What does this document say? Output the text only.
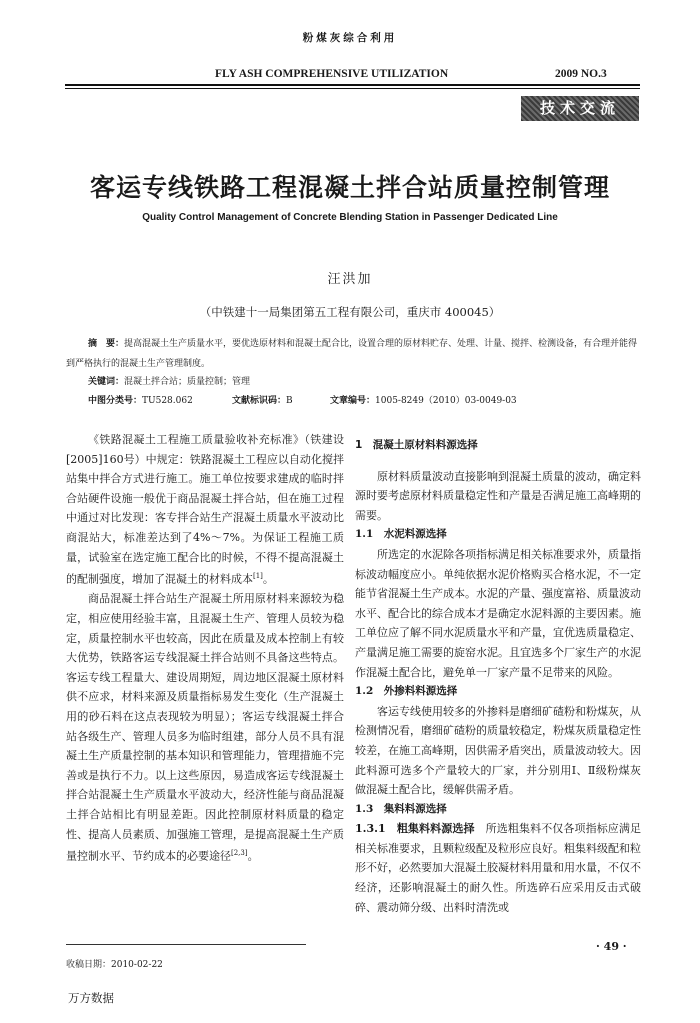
粉煤灰综合利用
FLY ASH COMPREHENSIVE UTILIZATION	2009 NO.3
技术交流
客运专线铁路工程混凝土拌合站质量控制管理
Quality Control Management of Concrete Blending Station in Passenger Dedicated Line
汪洪加
（中铁建十一局集团第五工程有限公司，重庆市 400045）
摘　要：提高混凝土生产质量水平，要优选原材料和混凝土配合比，设置合理的原材料贮存、处理、计量、搅拌、检测设备，有合理并能得到严格执行的混凝土生产管理制度。
关键词：混凝土拌合站；质量控制；管理
中图分类号：TU528.062	文献标识码：B	文章编号：1005-8249（2010）03-0049-03

《铁路混凝土工程施工质量验收补充标准》（铁建设[2005]160号）中规定：铁路混凝土工程应以自动化搅拌站集中拌合方式进行施工。施工单位按要求建成的临时拌合站硬件设施一般优于商品混凝土拌合站，但在施工过程中通过对比发现：客专拌合站生产混凝土质量水平波动比商混站大，标准差达到了4%～7%。为保证工程施工质量，试验室在选定施工配合比的时候，不得不提高混凝土的配制强度，增加了混凝土的材料成本[1]。

商品混凝土拌合站生产混凝土所用原材料来源较为稳定，相应使用经验丰富，且混凝土生产、管理人员较为稳定，质量控制水平也较高，因此在质量及成本控制上有较大优势，铁路客运专线混凝土拌合站则不具备这些特点。客运专线工程量大、建设周期短，周边地区混凝土原材料供不应求，材料来源及质量指标易发生变化（生产混凝土用的砂石料在这点表现较为明显）；客运专线混凝土拌合站各级生产、管理人员多为临时组建，部分人员不具有混凝土生产质量控制的基本知识和管理能力，管理措施不完善或是执行不力。以上这些原因，易造成客运专线混凝土拌合站混凝土生产质量水平波动大，经济性能与商品混凝土拌合站相比有明显差距。因此控制原材料质量的稳定性、提高人员素质、加强施工管理，是提高混凝土生产质量控制水平、节约成本的必要途径[2,3]。

1　混凝土原材料料源选择

原材料质量波动直接影响到混凝土质量的波动，确定料源时要考虑原材料质量稳定性和产量是否满足施工高峰期的需要。

1.1　水泥料源选择

所选定的水泥除各项指标满足相关标准要求外，质量指标波动幅度应小。单纯依据水泥价格购买合格水泥，不一定能节省混凝土生产成本。水泥的产量、强度富裕、质量波动水平、配合比的综合成本才是确定水泥料源的主要因素。施工单位应了解不同水泥质量水平和产量，宜优选质量稳定、产量满足施工需要的旋窑水泥。且宜选多个厂家生产的水泥作混凝土配合比，避免单一厂家产量不足带来的风险。

1.2　外掺料料源选择

客运专线使用较多的外掺料是磨细矿碴粉和粉煤灰，从检测情况看，磨细矿碴粉的质量较稳定，粉煤灰质量稳定性较差，在施工高峰期，因供需矛盾突出，质量波动较大。因此料源可选多个产量较大的厂家，并分别用Ⅰ、Ⅱ级粉煤灰做混凝土配合比，缓解供需矛盾。

1.3　集料料源选择

1.3.1　粗集料料源选择　 所选粗集料不仅各项指标应满足相关标准要求，且颗粒级配及粒形应良好。粗集料级配和粒形不好，必然要加大混凝土胶凝材料用量和用水量，不仅不经济，还影响混凝土的耐久性。所选碎石应采用反击式破碎、震动筛分级、出料时清洗或

收稿日期：2010-02-22
· 49 ·
万方数据
